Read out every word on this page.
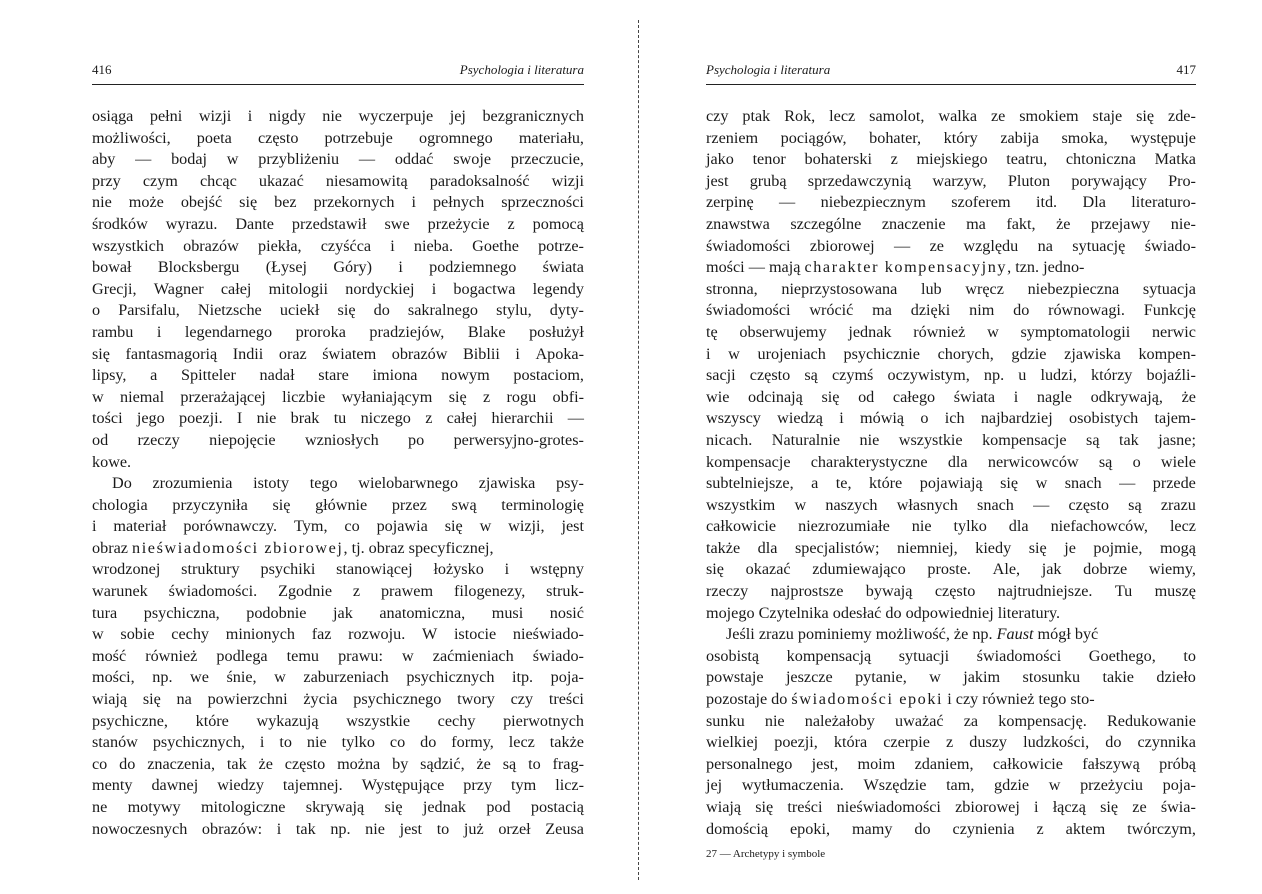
416	Psychologia i literatura
osiąga pełni wizji i nigdy nie wyczerpuje jej bezgranicznych
możliwości, poeta często potrzebuje ogromnego materiału,
aby — bodaj w przybliżeniu — oddać swoje przeczucie,
przy czym chcąc ukazać niesamowitą paradoksalność wizji
nie może obejść się bez przekornych i pełnych sprzeczności
środków wyrazu. Dante przedstawił swe przeżycie z pomocą
wszystkich obrazów piekła, czyśćca i nieba. Goethe potrze-
bował Blocksbergu (Łysej Góry) i podziemnego świata
Grecji, Wagner całej mitologii nordyckiej i bogactwa legendy
o Parsifalu, Nietzsche uciekł się do sakralnego stylu, dyty-
rambu i legendarnego proroka pradziejów, Blake posłużył
się fantasmagorią Indii oraz światem obrazów Biblii i Apoka-
lipsy, a Spitteler nadał stare imiona nowym postaciom,
w niemal przerażającej liczbie wyłaniającym się z rogu obfi-
tości jego poezji. I nie brak tu niczego z całej hierarchii —
od rzeczy niepojęcie wzniosłych po perwersyjno-grotes-
kowe.
Do zrozumienia istoty tego wielobarwnego zjawiska psy-
chologia przyczyniła się głównie przez swą terminologię
i materiał porównawczy. Tym, co pojawia się w wizji, jest
obraz nieświadomości zbiorowej, tj. obraz specyficznej,
wrodzonej struktury psychiki stanowiącej łożysko i wstępny
warunek świadomości. Zgodnie z prawem filogenezy, struk-
tura psychiczna, podobnie jak anatomiczna, musi nosić
w sobie cechy minionych faz rozwoju. W istocie nieświado-
mość również podlega temu prawu: w zaćmieniach świado-
mości, np. we śnie, w zaburzeniach psychicznych itp. poja-
wiają się na powierzchni życia psychicznego twory czy treści
psychiczne, które wykazują wszystkie cechy pierwotnych
stanów psychicznych, i to nie tylko co do formy, lecz także
co do znaczenia, tak że często można by sądzić, że są to frag-
menty dawnej wiedzy tajemnej. Występujące przy tym licz-
ne motywy mitologiczne skrywają się jednak pod postacią
nowoczesnych obrazów: i tak np. nie jest to już orzeł Zeusa
Psychologia i literatura	417
czy ptak Rok, lecz samolot, walka ze smokiem staje się zde-
rzeniem pociągów, bohater, który zabija smoka, występuje
jako tenor bohaterski z miejskiego teatru, chtoniczna Matka
jest grubą sprzedawczynią warzyw, Pluton porywający Pro-
zerpinę — niebezpiecznym szoferem itd. Dla literaturo-
znawstwa szczególne znaczenie ma fakt, że przejawy nie-
świadomości zbiorowej — ze względu na sytuację świado-
mości — mają charakter kompensacyjny, tzn. jedno-
stronna, nieprzystosowana lub wręcz niebezpieczna sytuacja
świadomości wrócić ma dzięki nim do równowagi. Funkcję
tę obserwujemy jednak również w symptomatologii nerwic
i w urojeniach psychicznie chorych, gdzie zjawiska kompen-
sacji często są czymś oczywistym, np. u ludzi, którzy bojaźli-
wie odcinają się od całego świata i nagle odkrywają, że
wszyscy wiedzą i mówią o ich najbardziej osobistych tajem-
nicach. Naturalnie nie wszystkie kompensacje są tak jasne;
kompensacje charakterystyczne dla nerwicowców są o wiele
subtelniejsze, a te, które pojawiają się w snach — przede
wszystkim w naszych własnych snach — często są zrazu
całkowicie niezrozumiałe nie tylko dla niefachowców, lecz
także dla specjalistów; niemniej, kiedy się je pojmie, mogą
się okazać zdumiewająco proste. Ale, jak dobrze wiemy,
rzeczy najprostsze bywają często najtrudniejsze. Tu muszę
mojego Czytelnika odesłać do odpowiedniej literatury.
Jeśli zrazu pominiemy możliwość, że np. Faust mógł być
osobistą kompensacją sytuacji świadomości Goethego, to
powstaje jeszcze pytanie, w jakim stosunku takie dzieło
pozostaje do świadomości epoki i czy również tego sto-
sunku nie należałoby uważać za kompensację. Redukowanie
wielkiej poezji, która czerpie z duszy ludzkości, do czynnika
personalnego jest, moim zdaniem, całkowicie fałszywą próbą
jej wytłumaczenia. Wszędzie tam, gdzie w przeżyciu poja-
wiają się treści nieświadomości zbiorowej i łączą się ze świa-
domością epoki, mamy do czynienia z aktem twórczym,
27 — Archetypy i symbole
